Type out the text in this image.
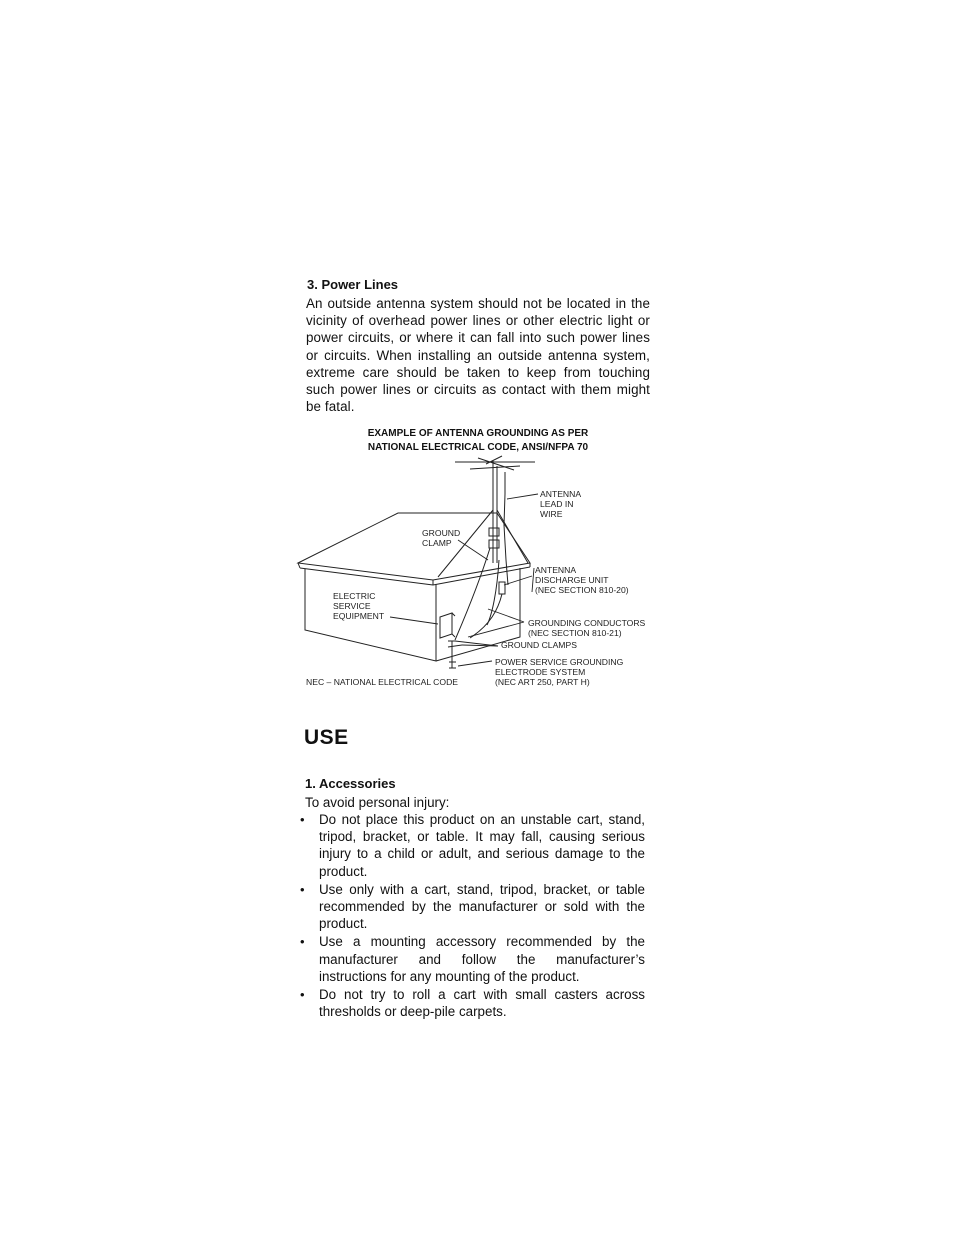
3. Power Lines

An outside antenna system should not be located in the vicinity of overhead power lines or other electric light or power circuits, or where it can fall into such power lines or circuits. When installing an outside antenna system, extreme care should be taken to keep from touching such power lines or circuits as contact with them might be fatal.

EXAMPLE OF ANTENNA GROUNDING AS PER
NATIONAL ELECTRICAL CODE, ANSI/NFPA 70
ANTENNA
LEAD IN
WIRE
GROUND
CLAMP
ANTENNA
DISCHARGE UNIT
(NEC SECTION 810-20)
ELECTRIC
SERVICE
EQUIPMENT
GROUNDING CONDUCTORS
(NEC SECTION 810-21)
GROUND CLAMPS
POWER SERVICE GROUNDING
ELECTRODE SYSTEM
(NEC ART 250, PART H)
NEC – NATIONAL ELECTRICAL CODE
USE
1. Accessories

To avoid personal injury:

• Do not place this product on an unstable cart, stand, tripod, bracket, or table. It may fall, causing serious injury to a child or adult, and serious damage to the product.
• Use only with a cart, stand, tripod, bracket, or table recommended by the manufacturer or sold with the product.
• Use a mounting accessory recommended by the manufacturer and follow the manufacturer’s instructions for any mounting of the product.
• Do not try to roll a cart with small casters across thresholds or deep-pile carpets.
